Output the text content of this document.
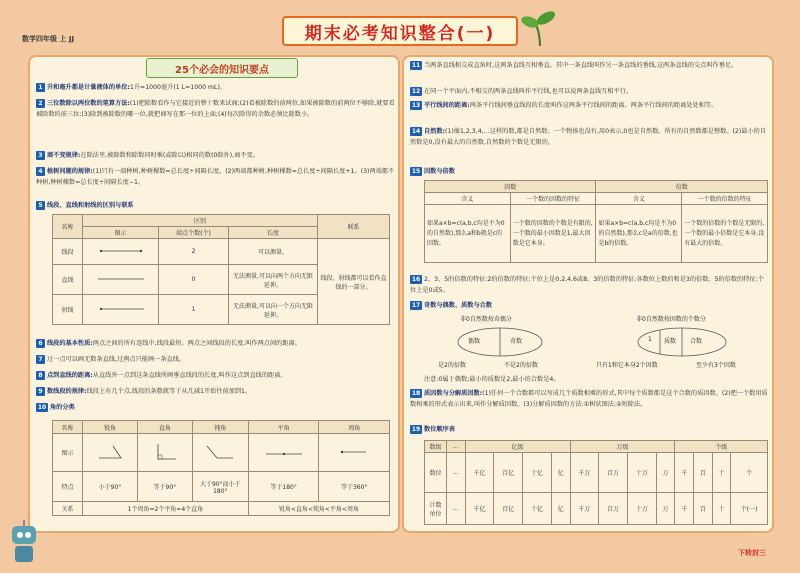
数学四年级 上 JJ	期末必考知识整合(一)
25个必会的知识要点
1 升和毫升都是计量液体的单位:1升=1000毫升(1 L=1000 mL)。
2 三位数除以两位数的笔算方法:(1)把除数看作与它接近的整十数来试商;(2)看被除数的前两位,如果被除数的前两位不够除,就要看被除数的前三位;(3)除到被除数的哪一位,就把商写在那一位的上面;(4)每次除得的余数必须比除数小。
3 商不变规律:在除法里,被除数和除数同时乘(或除以)相同的数(0除外),商不变。
4 植树问题的规律:(1)只有一端种树,种树棵数=总长度÷间隔长度。(2)两端都种树,种树棵数=总长度÷间隔长度+1。(3)两端都不种树,种树棵数=总长度÷间隔长度−1。
5 线段、直线和射线的区别与联系
名称	区别			联系
	图示	端点个数(个)	长度	
线段		2	可以测量。	线段、射线都可以看作直线的一部分。
直线		0	无法测量,可以向两个方向无限延伸。	
射线		1	无法测量,可以向一个方向无限延伸。	
6 线段的基本性质:两点之间的所有连线中,线段最短。两点之间线段的长度,叫作两点间的距离。
7 过一点可以画无数条直线,过两点只能画一条直线。
8 点到直线的距离:从直线外一点到这条直线所画垂直线段的长度,叫作这点到直线的距离。
9 数线段的规律:线段上有几个点,线段的条数就等于从几减1开始往前加到1。
10 角的分类
名称	锐角	直角	钝角	平角	周角
图示					
特点	小于90°	等于90°	大于90°而小于180°	等于180°	等于360°
关系	1个周角=2个平角=4个直角			锐角<直角<钝角<平角<周角	
11 当两条直线相交成直角时,这两条直线互相垂直。其中一条直线叫作另一条直线的垂线,这两条直线的交点叫作垂足。
12 在同一个平面内,不相交的两条直线叫作平行线,也可以说两条直线互相平行。
13 平行线间的距离:两条平行线间垂直线段的长度叫作这两条平行线间的距离。两条平行线间的距离处处相等。
14 自然数:(1)像1,2,3,4,…这样的数,都是自然数。一个物体也没有,用0表示,0也是自然数。所有的自然数都是整数。(2)最小的自然数是0,没有最大的自然数,自然数的个数是无限的。
15 因数与倍数
因数		倍数	
含义	一个数的因数的特征	含义	一个数的倍数的特征
如果a×b=c(a,b,c均是不为0的自然数),那么a和b就是c的因数。	一个数的因数的个数是有限的,一个数的最小因数是1,最大因数是它本身。	如果a×b=c(a,b,c均是不为0的自然数),那么c是a的倍数,也是b的倍数。	一个数的倍数的个数是无限的,一个数的最小倍数是它本身,没有最大的倍数。
16 2、3、5的倍数的特征:2的倍数的特征:个位上是0,2,4,6或8。3的倍数的特征:各数位上数的和是3的倍数。5的倍数的特征:个位上是0或5。
17 奇数与偶数、质数与合数
非0自然数按奇偶分
偶数	奇数
是2的倍数	不是2的倍数
非0自然数按因数的个数分
1 质数 合数
只有1和它本身2个因数	至少有3个因数
注意:0属于偶数;最小的质数是2,最小的合数是4。
18 质因数与分解质因数:(1)任何一个合数都可以写成几个质数相乘的形式,其中每个质数都是这个合数的质因数。(2)把一个数用质数相乘的形式表示出来,叫作分解质因数。(3)分解质因数的方法:①树状图法;②短除法。
19 数位顺序表
数级	…	亿级				万级				个级			
数位	…	千亿	百亿	十亿	亿	千万	百万	十万	万	千	百	十	个
计数单位	…	千亿	百亿	十亿	亿	千万	百万	十万	万	千	百	十	个(一)
下转封三
